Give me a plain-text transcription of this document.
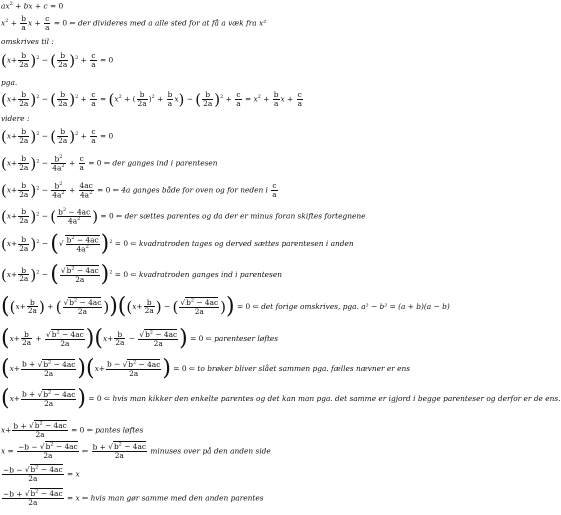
$ax^2$ + bx + c = 0
$x^2 + \frac{b}{a}$ $x + \frac{c}{a} = 0$ ⇐ der divideres med a alle sted for at få a væk fra x²
omskrives til :
$(x+ \frac{b}{2a} )^2$ − ( $\frac{b}{2a} )^2 + \frac{c}{a} = 0$
pga.
$(x+ \frac{b}{2a} )^2$ − ( $\frac{b}{2a} )^2 + \frac{c}{a} = (x^2$ + ( $\frac{b}{2a} )^2 + \frac{b}{a} x$) − ( $\frac{b}{2a} )^2 + \frac{c}{a} = x^2 + \frac{b}{a}$ $x + \frac{c}{a}$
videre :
$(x+ \frac{b}{2a} )^2$ − ( $\frac{b}{2a} )^2 + \frac{c}{a} = 0$
$(x+ \frac{b}{2a} )^2 - \frac{b^2}{4a^2} + \frac{c}{a} = 0$ ⇐ der ganges ind i parentesen
$(x+ \frac{b}{2a} )^2 - \frac{b^2}{4a^2} + \frac{4ac}{4a^2} = 0$ ⇐ 4a ganges både for oven og for neden i $\frac{c}{a}$
$(x+ \frac{b}{2a} )^2$ − ( $\frac{b^2 - 4ac}{4a^2}$ ) = 0 ⇐ der sættes parentes og da der er minus foran skiftes fortegnene
$(x+ \frac{b}{2a} )^2$ − ( √ $\frac{b^2 - 4ac}{4a^2} )^2 = 0$ ⇐ kvadratroden tages og derved sættes parentesen i anden
$(x+ \frac{b}{2a} )^2$ − ( √ $\frac{b^2 - 4ac}{2a} )^2 = 0$ ⇐ kvadratroden ganges ind i parentesen
(($x+ \frac{b}{2a}$ ) + ( √ $\frac{b^2 - 4ac}{2a} ))((x+ \frac{b}{2a}$ ) − ( √ $\frac{b^2 - 4ac}{2a}$ )) = 0 ⇐ det forige omskrives, pga. a² − b² = (a + b)(a − b)
($x+ \frac{b}{2a}$ + √ $\frac{b^2 - 4ac}{2a} )(x+ \frac{b}{2a}$ − √ $\frac{b^2 - 4ac}{2a}$ ) = 0 ⇐ parenteser løftes
$(x+ \frac{b + √ b^2 - 4ac}{2a} )(x+ \frac{b - √ b^2 - 4ac}{2a}$ ) = 0 ⇐ to brøker bliver slået sammen pga. fælles nævner er ens
($x+ \frac{b + √ b^2 - 4ac}{2a}$ ) = 0 ⇐ hvis man kikker den enkelte parentes og det kan man pga. det samme er igjord i begge parenteser og derfor er de ens.
$x+ \frac{b + √ b^2 - 4ac}{2a} = 0$ ⇐ pantes løftes
$x = \frac{-b - √ b^2 - 4ac}{2a}$ ⇐ $\frac{b + √ b^2 - 4ac}{2a}$ minuses over på den anden side
$\frac{-b - √ b^2 - 4ac}{2a} = x$
$\frac{-b + √ b^2 - 4ac}{2a} = x$ ⇐ hvis man gør samme med den anden parentes
